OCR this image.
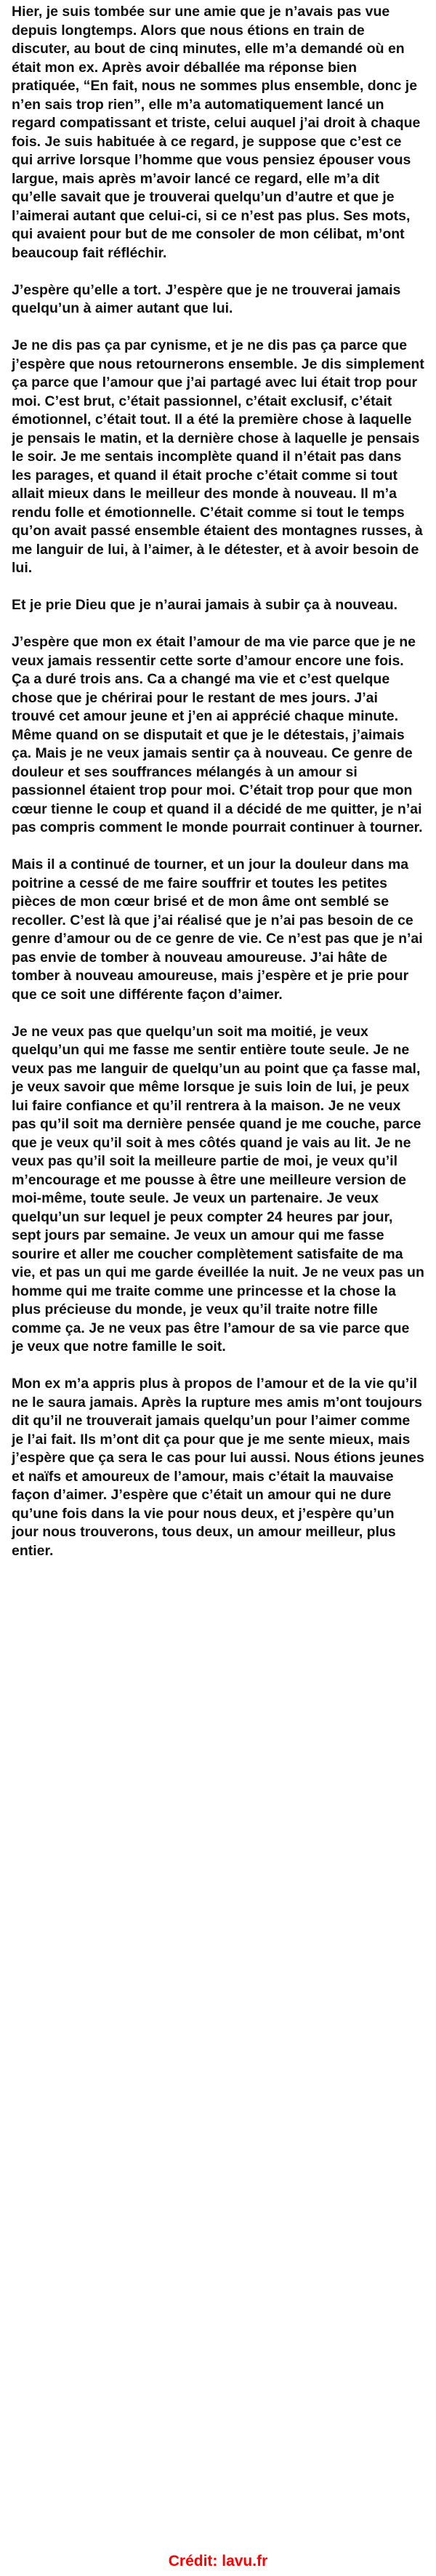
Hier, je suis tombée sur une amie que je n’avais pas vue depuis longtemps. Alors que nous étions en train de discuter, au bout de cinq minutes, elle m’a demandé où en était mon ex. Après avoir déballée ma réponse bien pratiquée, “En fait, nous ne sommes plus ensemble, donc je n’en sais trop rien”, elle m’a automatiquement lancé un regard compatissant et triste, celui auquel j’ai droit à chaque fois. Je suis habituée à ce regard, je suppose que c’est ce qui arrive lorsque l’homme que vous pensiez épouser vous largue, mais après m’avoir lancé ce regard, elle m’a dit qu’elle savait que je trouverai quelqu’un d’autre et que je l’aimerai autant que celui-ci, si ce n’est pas plus. Ses mots, qui avaient pour but de me consoler de mon célibat, m’ont beaucoup fait réfléchir.

J’espère qu’elle a tort. J’espère que je ne trouverai jamais quelqu’un à aimer autant que lui.

Je ne dis pas ça par cynisme, et je ne dis pas ça parce que j’espère que nous retournerons ensemble. Je dis simplement ça parce que l’amour que j’ai partagé avec lui était trop pour moi. C’est brut, c’était passionnel, c’était exclusif, c’était émotionnel, c’était tout. Il a été la première chose à laquelle je pensais le matin, et la dernière chose à laquelle je pensais le soir. Je me sentais incomplète quand il n’était pas dans les parages, et quand il était proche c’était comme si tout allait mieux dans le meilleur des monde à nouveau. Il m’a rendu folle et émotionnelle. C’était comme si tout le temps qu’on avait passé ensemble étaient des montagnes russes, à me languir de lui, à l’aimer, à le détester, et à avoir besoin de lui.

Et je prie Dieu que je n’aurai jamais à subir ça à nouveau.

J’espère que mon ex était l’amour de ma vie parce que je ne veux jamais ressentir cette sorte d’amour encore une fois. Ça a duré trois ans. Ca a changé ma vie et c’est quelque chose que je chérirai pour le restant de mes jours. J’ai trouvé cet amour jeune et j’en ai apprécié chaque minute. Même quand on se disputait et que je le détestais, j’aimais ça. Mais je ne veux jamais sentir ça à nouveau. Ce genre de douleur et ses souffrances mélangés à un amour si passionnel étaient trop pour moi. C’était trop pour que mon cœur tienne le coup et quand il a décidé de me quitter, je n’ai pas compris comment le monde pourrait continuer à tourner.

Mais il a continué de tourner, et un jour la douleur dans ma poitrine a cessé de me faire souffrir et toutes les petites pièces de mon cœur brisé et de mon âme ont semblé se recoller. C’est là que j’ai réalisé que je n’ai pas besoin de ce genre d’amour ou de ce genre de vie. Ce n’est pas que je n’ai pas envie de tomber à nouveau amoureuse. J’ai hâte de tomber à nouveau amoureuse, mais j’espère et je prie pour que ce soit une différente façon d’aimer.

Je ne veux pas que quelqu’un soit ma moitié, je veux quelqu’un qui me fasse me sentir entière toute seule. Je ne veux pas me languir de quelqu’un au point que ça fasse mal, je veux savoir que même lorsque je suis loin de lui, je peux lui faire confiance et qu’il rentrera à la maison. Je ne veux pas qu’il soit ma dernière pensée quand je me couche, parce que je veux qu’il soit à mes côtés quand je vais au lit. Je ne veux pas qu’il soit la meilleure partie de moi, je veux qu’il m’encourage et me pousse à être une meilleure version de moi-même, toute seule. Je veux un partenaire. Je veux quelqu’un sur lequel je peux compter 24 heures par jour, sept jours par semaine. Je veux un amour qui me fasse sourire et aller me coucher complètement satisfaite de ma vie, et pas un qui me garde éveillée la nuit. Je ne veux pas un homme qui me traite comme une princesse et la chose la plus précieuse du monde, je veux qu’il traite notre fille comme ça. Je ne veux pas être l’amour de sa vie parce que je veux que notre famille le soit.

Mon ex m’a appris plus à propos de l’amour et de la vie qu’il ne le saura jamais. Après la rupture mes amis m’ont toujours dit qu’il ne trouverait jamais quelqu’un pour l’aimer comme je l’ai fait. Ils m’ont dit ça pour que je me sente mieux, mais j’espère que ça sera le cas pour lui aussi. Nous étions jeunes et naïfs et amoureux de l’amour, mais c’était la mauvaise façon d’aimer. J’espère que c’était un amour qui ne dure qu’une fois dans la vie pour nous deux, et j’espère qu’un jour nous trouverons, tous deux, un amour meilleur, plus entier.

Crédit: lavu.fr
